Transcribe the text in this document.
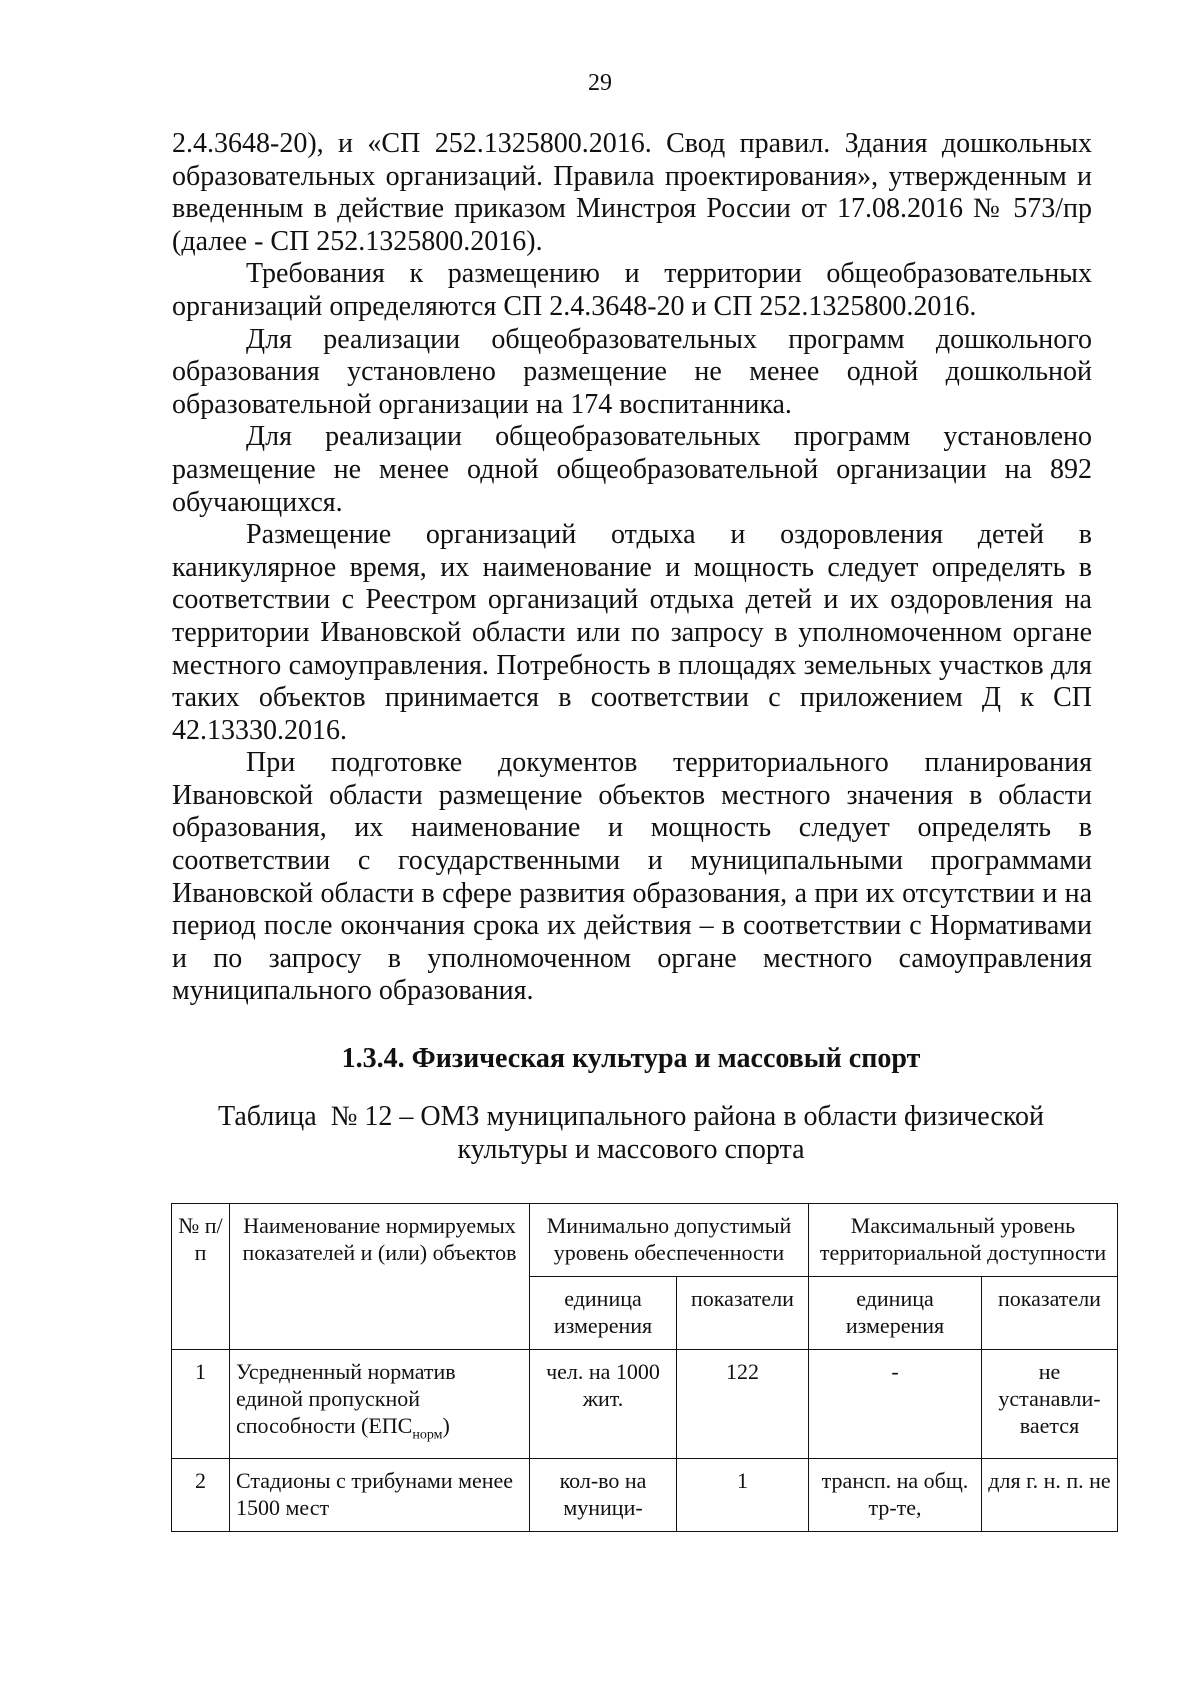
29

2.4.3648-20), и «СП 252.1325800.2016. Свод правил. Здания дошкольных образовательных организаций. Правила проектирования», утвержденным и введенным в действие приказом Минстроя России от 17.08.2016 № 573/пр (далее - СП 252.1325800.2016).

Требования к размещению и территории общеобразовательных организаций определяются СП 2.4.3648-20 и СП 252.1325800.2016.

Для реализации общеобразовательных программ дошкольного образования установлено размещение не менее одной дошкольной образовательной организации на 174 воспитанника.

Для реализации общеобразовательных программ установлено размещение не менее одной общеобразовательной организации на 892 обучающихся.

Размещение организаций отдыха и оздоровления детей в каникулярное время, их наименование и мощность следует определять в соответствии с Реестром организаций отдыха детей и их оздоровления на территории Ивановской области или по запросу в уполномоченном органе местного самоуправления. Потребность в площадях земельных участков для таких объектов принимается в соответствии с приложением Д к СП 42.13330.2016.

При подготовке документов территориального планирования Ивановской области размещение объектов местного значения в области образования, их наименование и мощность следует определять в соответствии с государственными и муниципальными программами Ивановской области в сфере развития образования, а при их отсутствии и на период после окончания срока их действия – в соответствии с Нормативами и по запросу в уполномоченном органе местного самоуправления муниципального образования.

1.3.4. Физическая культура и массовый спорт
Таблица  № 12 – ОМЗ муниципального района в области физической
культуры и массового спорта
№ п/п	Наименование нормируемых показателей и (или) объектов	Минимально допустимый уровень обеспеченности		Максимальный уровень территориальной доступности	
		единица измерения	показатели	единица измерения	показатели
1	Усредненный норматив единой пропускной способности $(ЕПС_{норм})$	чел. на 1000 жит.	122	-	не устанавли-вается
2	Стадионы с трибунами менее 1500 мест	кол-во на муници-	1	трансп. на общ. тр-те,	для г. н. п. не
